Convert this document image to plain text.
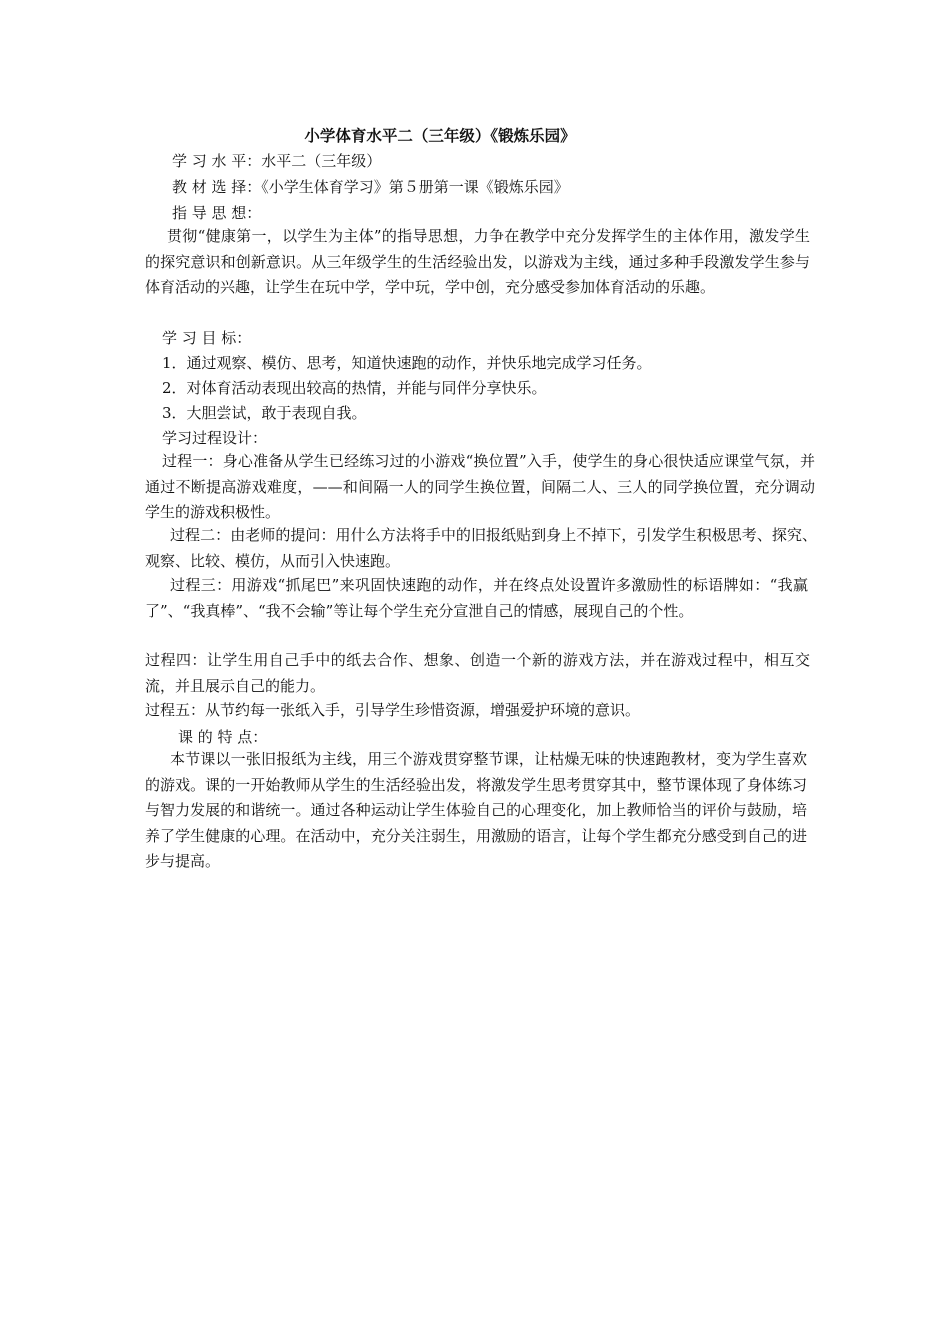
小学体育水平二（三年级）《锻炼乐园》
学 习 水 平：水平二（三年级）
教 材 选 择：《小学生体育学习》第５册第一课《锻炼乐园》
指 导 思 想：
贯彻“健康第一，以学生为主体”的指导思想，力争在教学中充分发挥学生的主体作用，激发学生的探究意识和创新意识。从三年级学生的生活经验出发，以游戏为主线，通过多种手段激发学生参与体育活动的兴趣，让学生在玩中学，学中玩，学中创，充分感受参加体育活动的乐趣。
学 习 目 标：
1．通过观察、模仿、思考，知道快速跑的动作，并快乐地完成学习任务。
2．对体育活动表现出较高的热情，并能与同伴分享快乐。
3．大胆尝试，敢于表现自我。
学习过程设计：
过程一：身心准备从学生已经练习过的小游戏“换位置”入手，使学生的身心很快适应课堂气氛，并通过不断提高游戏难度，——和间隔一人的同学生换位置，间隔二人、三人的同学换位置，充分调动学生的游戏积极性。
过程二：由老师的提问：用什么方法将手中的旧报纸贴到身上不掉下，引发学生积极思考、探究、观察、比较、模仿，从而引入快速跑。
过程三：用游戏“抓尾巴”来巩固快速跑的动作，并在终点处设置许多激励性的标语牌如：“我赢了”、“我真棒”、“我不会输”等让每个学生充分宣泄自己的情感，展现自己的个性。
过程四：让学生用自己手中的纸去合作、想象、创造一个新的游戏方法，并在游戏过程中，相互交流，并且展示自己的能力。
过程五：从节约每一张纸入手，引导学生珍惜资源，增强爱护环境的意识。
课 的 特 点：
本节课以一张旧报纸为主线，用三个游戏贯穿整节课，让枯燥无味的快速跑教材，变为学生喜欢的游戏。课的一开始教师从学生的生活经验出发，将激发学生思考贯穿其中，整节课体现了身体练习与智力发展的和谐统一。通过各种运动让学生体验自己的心理变化，加上教师恰当的评价与鼓励，培养了学生健康的心理。在活动中，充分关注弱生，用激励的语言，让每个学生都充分感受到自己的进步与提高。
